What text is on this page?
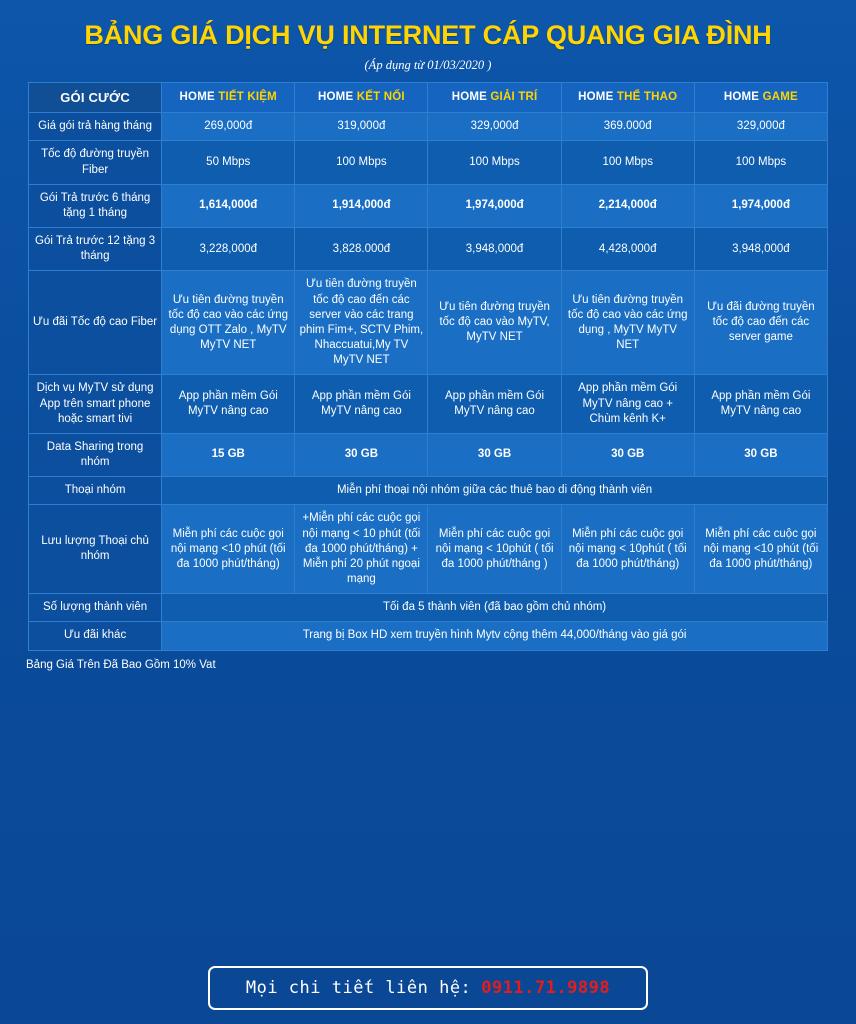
BẢNG GIÁ DỊCH VỤ INTERNET CÁP QUANG GIA ĐÌNH
(Áp dụng từ 01/03/2020 )
GÓI CƯỚC	HOME TIẾT KIỆM	HOME KẾT NỐI	HOME GIẢI TRÍ	HOME THỂ THAO	HOME GAME
Giá gói trả hàng tháng	269,000đ	319,000đ	329,000đ	369.000đ	329,000đ
Tốc độ đường truyền Fiber	50 Mbps	100 Mbps	100 Mbps	100 Mbps	100 Mbps
Gói Trả trước 6 tháng tặng 1 tháng	1,614,000đ	1,914,000đ	1,974,000đ	2,214,000đ	1,974,000đ
Gói Trả trước 12 tặng 3 tháng	3,228,000đ	3,828.000đ	3,948,000đ	4,428,000đ	3,948,000đ
Ưu đãi Tốc độ cao Fiber	Ưu tiên đường truyền tốc độ cao vào các ứng dụng OTT Zalo , MyTV MyTV NET	Ưu tiên đường truyền tốc độ cao đến các server vào các trang phim Fim+, SCTV Phim, Nhaccuatui,My TV MyTV NET	Ưu tiên đường truyền tốc độ cao vào MyTV, MyTV NET	Ưu tiên đường truyền tốc độ cao vào các ứng dụng , MyTV MyTV NET	Ưu đãi đường truyền tốc độ cao đến các server game
Dịch vụ MyTV sử dụng App trên smart phone hoặc smart tivi	App phần mềm Gói MyTV nâng cao	App phần mềm Gói MyTV nâng cao	App phần mềm Gói MyTV nâng cao	App phần mềm Gói MyTV nâng cao + Chùm kênh K+	App phần mềm Gói MyTV nâng cao
Data Sharing trong nhóm	15 GB	30 GB	30 GB	30 GB	30 GB
Thoại nhóm	Miễn phí thoại nội nhóm giữa các thuê bao di động thành viên				
Lưu lượng Thoại chủ nhóm	Miễn phí các cuộc gọi nội mạng <10 phút (tối đa 1000 phút/tháng)	+Miễn phí các cuộc gọi nội mạng < 10 phút (tối đa 1000 phút/tháng) + Miễn phí 20 phút ngoại mạng	Miễn phí các cuộc gọi nội mạng < 10phút ( tối đa 1000 phút/tháng )	Miễn phí các cuộc gọi nội mạng < 10phút ( tối đa 1000 phút/tháng)	Miễn phí các cuộc gọi nội mạng <10 phút (tối đa 1000 phút/tháng)
Số lượng thành viên	Tối đa 5 thành viên (đã bao gồm chủ nhóm)				
Ưu đãi khác	Trang bị Box HD xem truyền hình Mytv cộng thêm 44,000/tháng vào giá gói				
Bảng Giá Trên Đã Bao Gồm 10% Vat
Mọi chi tiết liên hệ: 0911.71.9898
